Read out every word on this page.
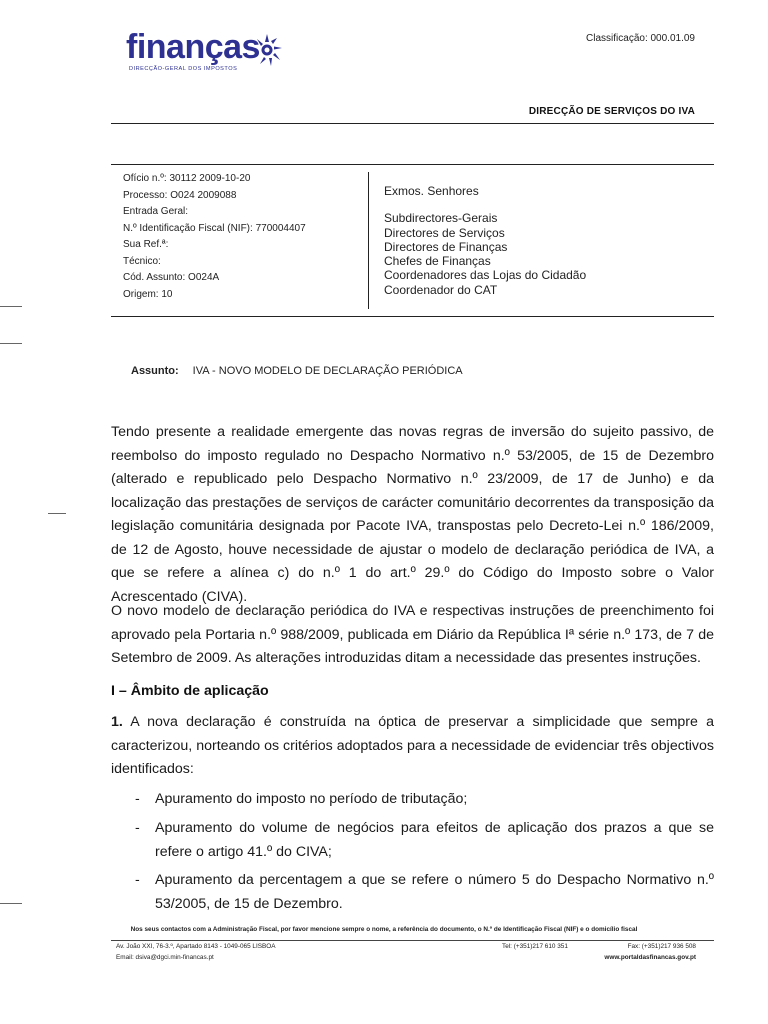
finanças
DIRECÇÃO-GERAL DOS IMPOSTOS
Classificação: 000.01.09
DIRECÇÃO DE SERVIÇOS DO IVA
Ofício n.º: 30112 2009-10-20
Processo: O024 2009088
Entrada Geral:
N.º Identificação Fiscal (NIF): 770004407
Sua Ref.ª:
Técnico:
Cód. Assunto: O024A
Origem: 10
Exmos. Senhores
Subdirectores-Gerais
Directores de Serviços
Directores de Finanças
Chefes de Finanças
Coordenadores das Lojas do Cidadão
Coordenador do CAT
Assunto: IVA - NOVO MODELO DE DECLARAÇÃO PERIÓDICA
Tendo presente a realidade emergente das novas regras de inversão do sujeito passivo, de reembolso do imposto regulado no Despacho Normativo n.º 53/2005, de 15 de Dezembro (alterado e republicado pelo Despacho Normativo n.º 23/2009, de 17 de Junho) e da localização das prestações de serviços de carácter comunitário decorrentes da transposição da legislação comunitária designada por Pacote IVA, transpostas pelo Decreto-Lei n.º 186/2009, de 12 de Agosto, houve necessidade de ajustar o modelo de declaração periódica de IVA, a que se refere a alínea c) do n.º 1 do art.º 29.º do Código do Imposto sobre o Valor Acrescentado (CIVA).
O novo modelo de declaração periódica do IVA e respectivas instruções de preenchimento foi aprovado pela Portaria n.º 988/2009, publicada em Diário da República Iª série n.º 173, de 7 de Setembro de 2009. As alterações introduzidas ditam a necessidade das presentes instruções.
I – Âmbito de aplicação
1. A nova declaração é construída na óptica de preservar a simplicidade que sempre a caracterizou, norteando os critérios adoptados para a necessidade de evidenciar três objectivos identificados:
- Apuramento do imposto no período de tributação;
- Apuramento do volume de negócios para efeitos de aplicação dos prazos a que se refere o artigo 41.º do CIVA;
- Apuramento da percentagem a que se refere o número 5 do Despacho Normativo n.º 53/2005, de 15 de Dezembro.
Nos seus contactos com a Administração Fiscal, por favor mencione sempre o nome, a referência do documento, o N.º de Identificação Fiscal (NIF) e o domicílio fiscal
Av. João XXI, 76-3.º, Apartado 8143 - 1049-065 LISBOA
Email: dsiva@dgci.min-financas.pt
Tel: (+351)217 610 351	Fax: (+351)217 936 508
www.portaldasfinancas.gov.pt
